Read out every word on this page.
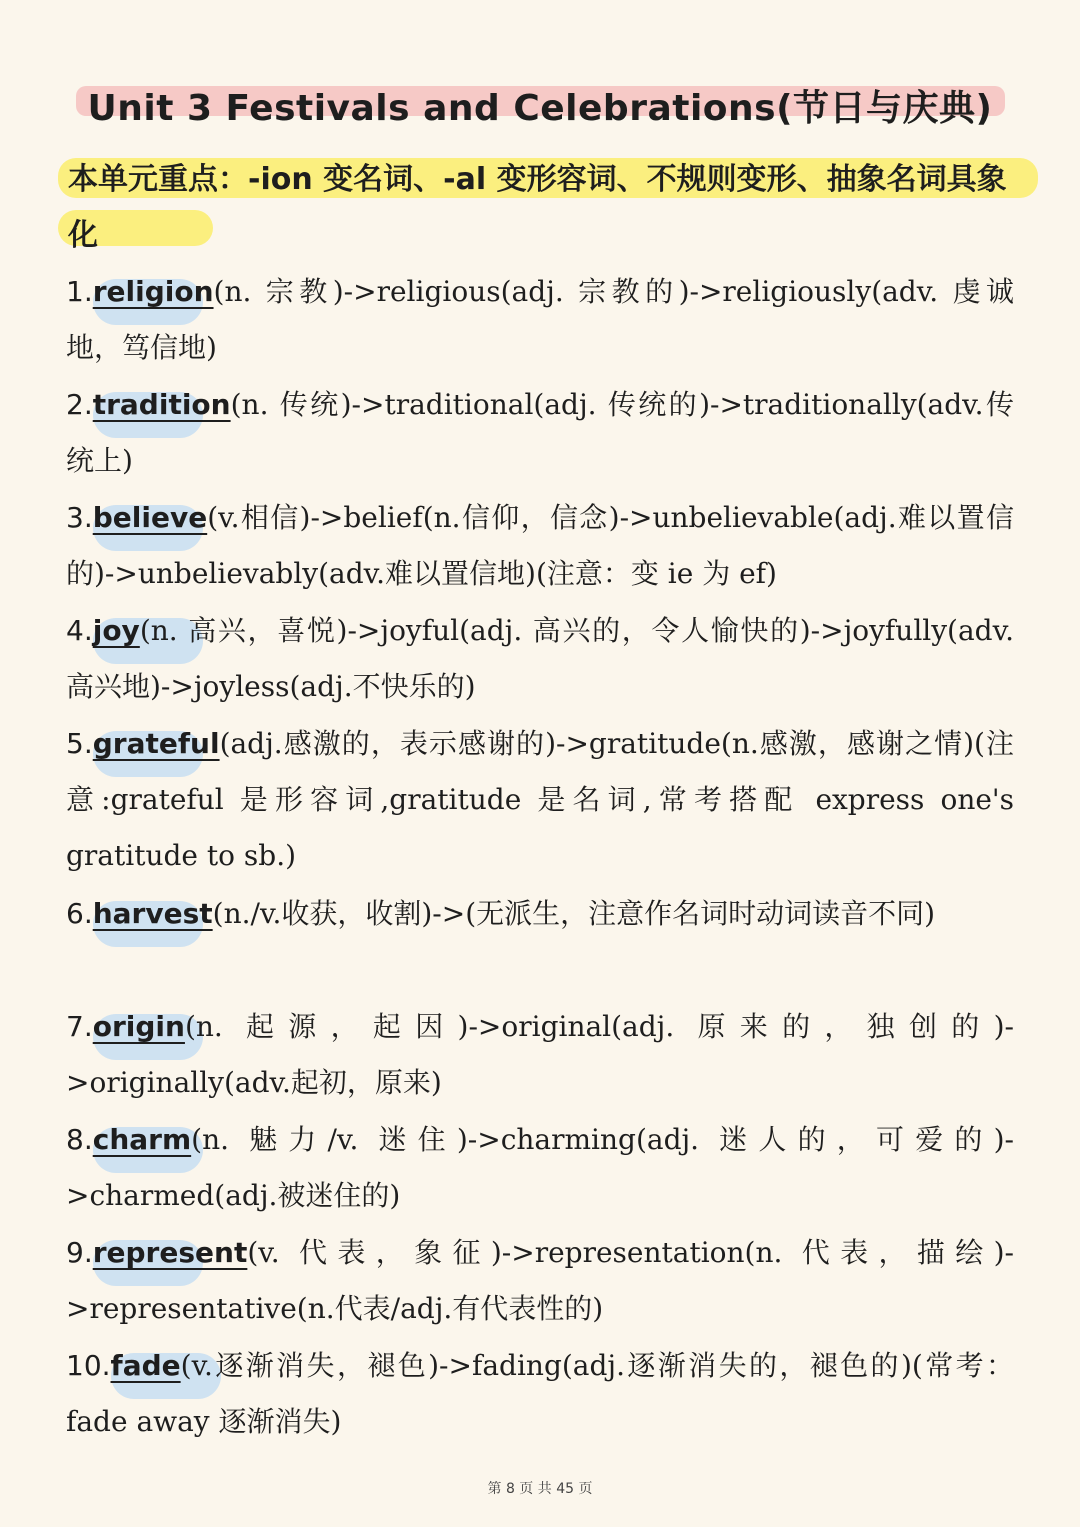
Unit 3 Festivals and Celebrations(节日与庆典)
本单元重点：-ion 变名词、-al 变形容词、不规则变形、抽象名词具象化
1.religion(n. 宗教)->religious(adj. 宗教的)->religiously(adv. 虔诚地，笃信地)
2.tradition(n. 传统)->traditional(adj. 传统的)->traditionally(adv.传统上)
3.believe(v.相信)->belief(n.信仰，信念)->unbelievable(adj.难以置信的)->unbelievably(adv.难以置信地)(注意：变 ie 为 ef)
4.joy(n. 高兴，喜悦)->joyful(adj. 高兴的，令人愉快的)->joyfully(adv.高兴地)->joyless(adj.不快乐的)
5.grateful(adj.感激的，表示感谢的)->gratitude(n.感激，感谢之情)(注意:grateful 是形容词,gratitude 是名词,常考搭配 express one's gratitude to sb.)
6.harvest(n./v.收获，收割)->(无派生，注意作名词时动词读音不同)
7.origin(n. 起源，起因)->original(adj. 原来的，独创的)->originally(adv.起初，原来)
8.charm(n. 魅力/v. 迷住)->charming(adj. 迷人的，可爱的)->charmed(adj.被迷住的)
9.represent(v. 代表，象征)->representation(n. 代表，描绘)->representative(n.代表/adj.有代表性的)
10.fade(v.逐渐消失，褪色)->fading(adj.逐渐消失的，褪色的)(常考：fade away 逐渐消失)
第 8 页 共 45 页
